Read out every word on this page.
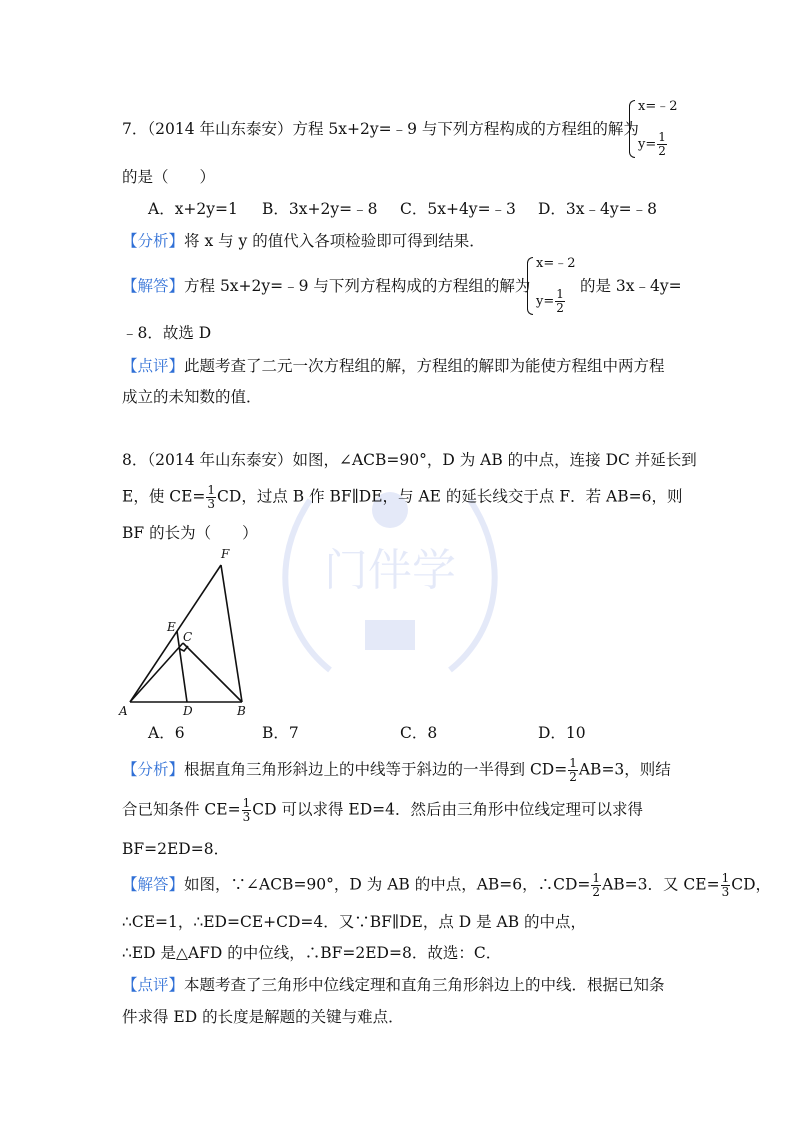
门伴学
7．（2014 年山东泰安）方程 5x+2y=﹣9 与下列方程构成的方程组的解为
x=﹣2
$y= \frac{1}{2}$
的是（　　）
A．x+2y=1 B．3x+2y=﹣8 C．5x+4y=﹣3 D．3x﹣4y=﹣8
【分析】将 x 与 y 的值代入各项检验即可得到结果．
【解答】方程 5x+2y=﹣9 与下列方程构成的方程组的解为
x=﹣2
$y= \frac{1}{2}$
的是 3x﹣4y=
﹣8．故选 D
【点评】此题考查了二元一次方程组的解，方程组的解即为能使方程组中两方程
成立的未知数的值．
8．（2014 年山东泰安）如图，∠ACB=90°，D 为 AB 的中点，连接 DC 并延长到
E，使 $CE= \frac{1}{3}$ CD，过点 B 作 BF∥DE，与 AE 的延长线交于点 F．若 AB=6，则
BF 的长为（　　）
F
E
C
A	D	B
A．6	B．7	C．8	D．10
【分析】根据直角三角形斜边上的中线等于斜边的一半得到 $CD= \frac{1}{2} AB=3$，则结
合已知条件 $CE= \frac{1}{3}$ CD 可以求得 ED=4．然后由三角形中位线定理可以求得
BF=2ED=8．
【解答】如图，∵∠ACB=90°，D 为 AB 的中点，AB=6，∴CD= $\frac{1}{2} AB=3$．又 $CE= \frac{1}{3}$ CD，
∴CE=1，∴ED=CE+CD=4．又∵BF∥DE，点 D 是 AB 的中点，
∴ED 是△AFD 的中位线，∴BF=2ED=8．故选：C．
【点评】本题考查了三角形中位线定理和直角三角形斜边上的中线．根据已知条
件求得 ED 的长度是解题的关键与难点．
